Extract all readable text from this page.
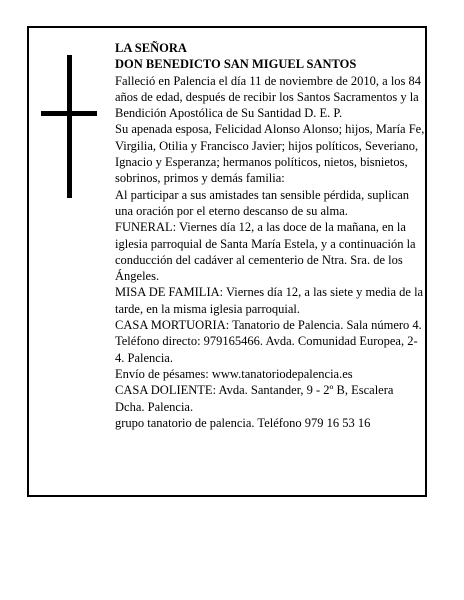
LA SEÑORA

DON BENEDICTO SAN MIGUEL SANTOS

Falleció en Palencia el día 11 de noviembre de 2010, a los 84 años de edad, después de recibir los Santos Sacramentos y la Bendición Apostólica de Su Santidad D. E. P.

Su apenada esposa, Felicidad Alonso Alonso; hijos, María Fe, Virgilia, Otilia y Francisco Javier; hijos políticos, Severiano, Ignacio y Esperanza; hermanos políticos, nietos, bisnietos, sobrinos, primos y demás familia:

Al participar a sus amistades tan sensible pérdida, suplican una oración por el eterno descanso de su alma.

FUNERAL: Viernes día 12, a las doce de la mañana, en la iglesia parroquial de Santa María Estela, y a continuación la conducción del cadáver al cementerio de Ntra. Sra. de los Ángeles.

MISA DE FAMILIA: Viernes día 12, a las siete y media de la tarde, en la misma iglesia parroquial.

CASA MORTUORIA: Tanatorio de Palencia. Sala número 4. Teléfono directo: 979165466. Avda. Comunidad Europea, 2-4. Palencia.

Envío de pésames: www.tanatoriodepalencia.es

CASA DOLIENTE: Avda. Santander, 9 - 2º B, Escalera Dcha. Palencia.

grupo tanatorio de palencia. Teléfono 979 16 53 16
